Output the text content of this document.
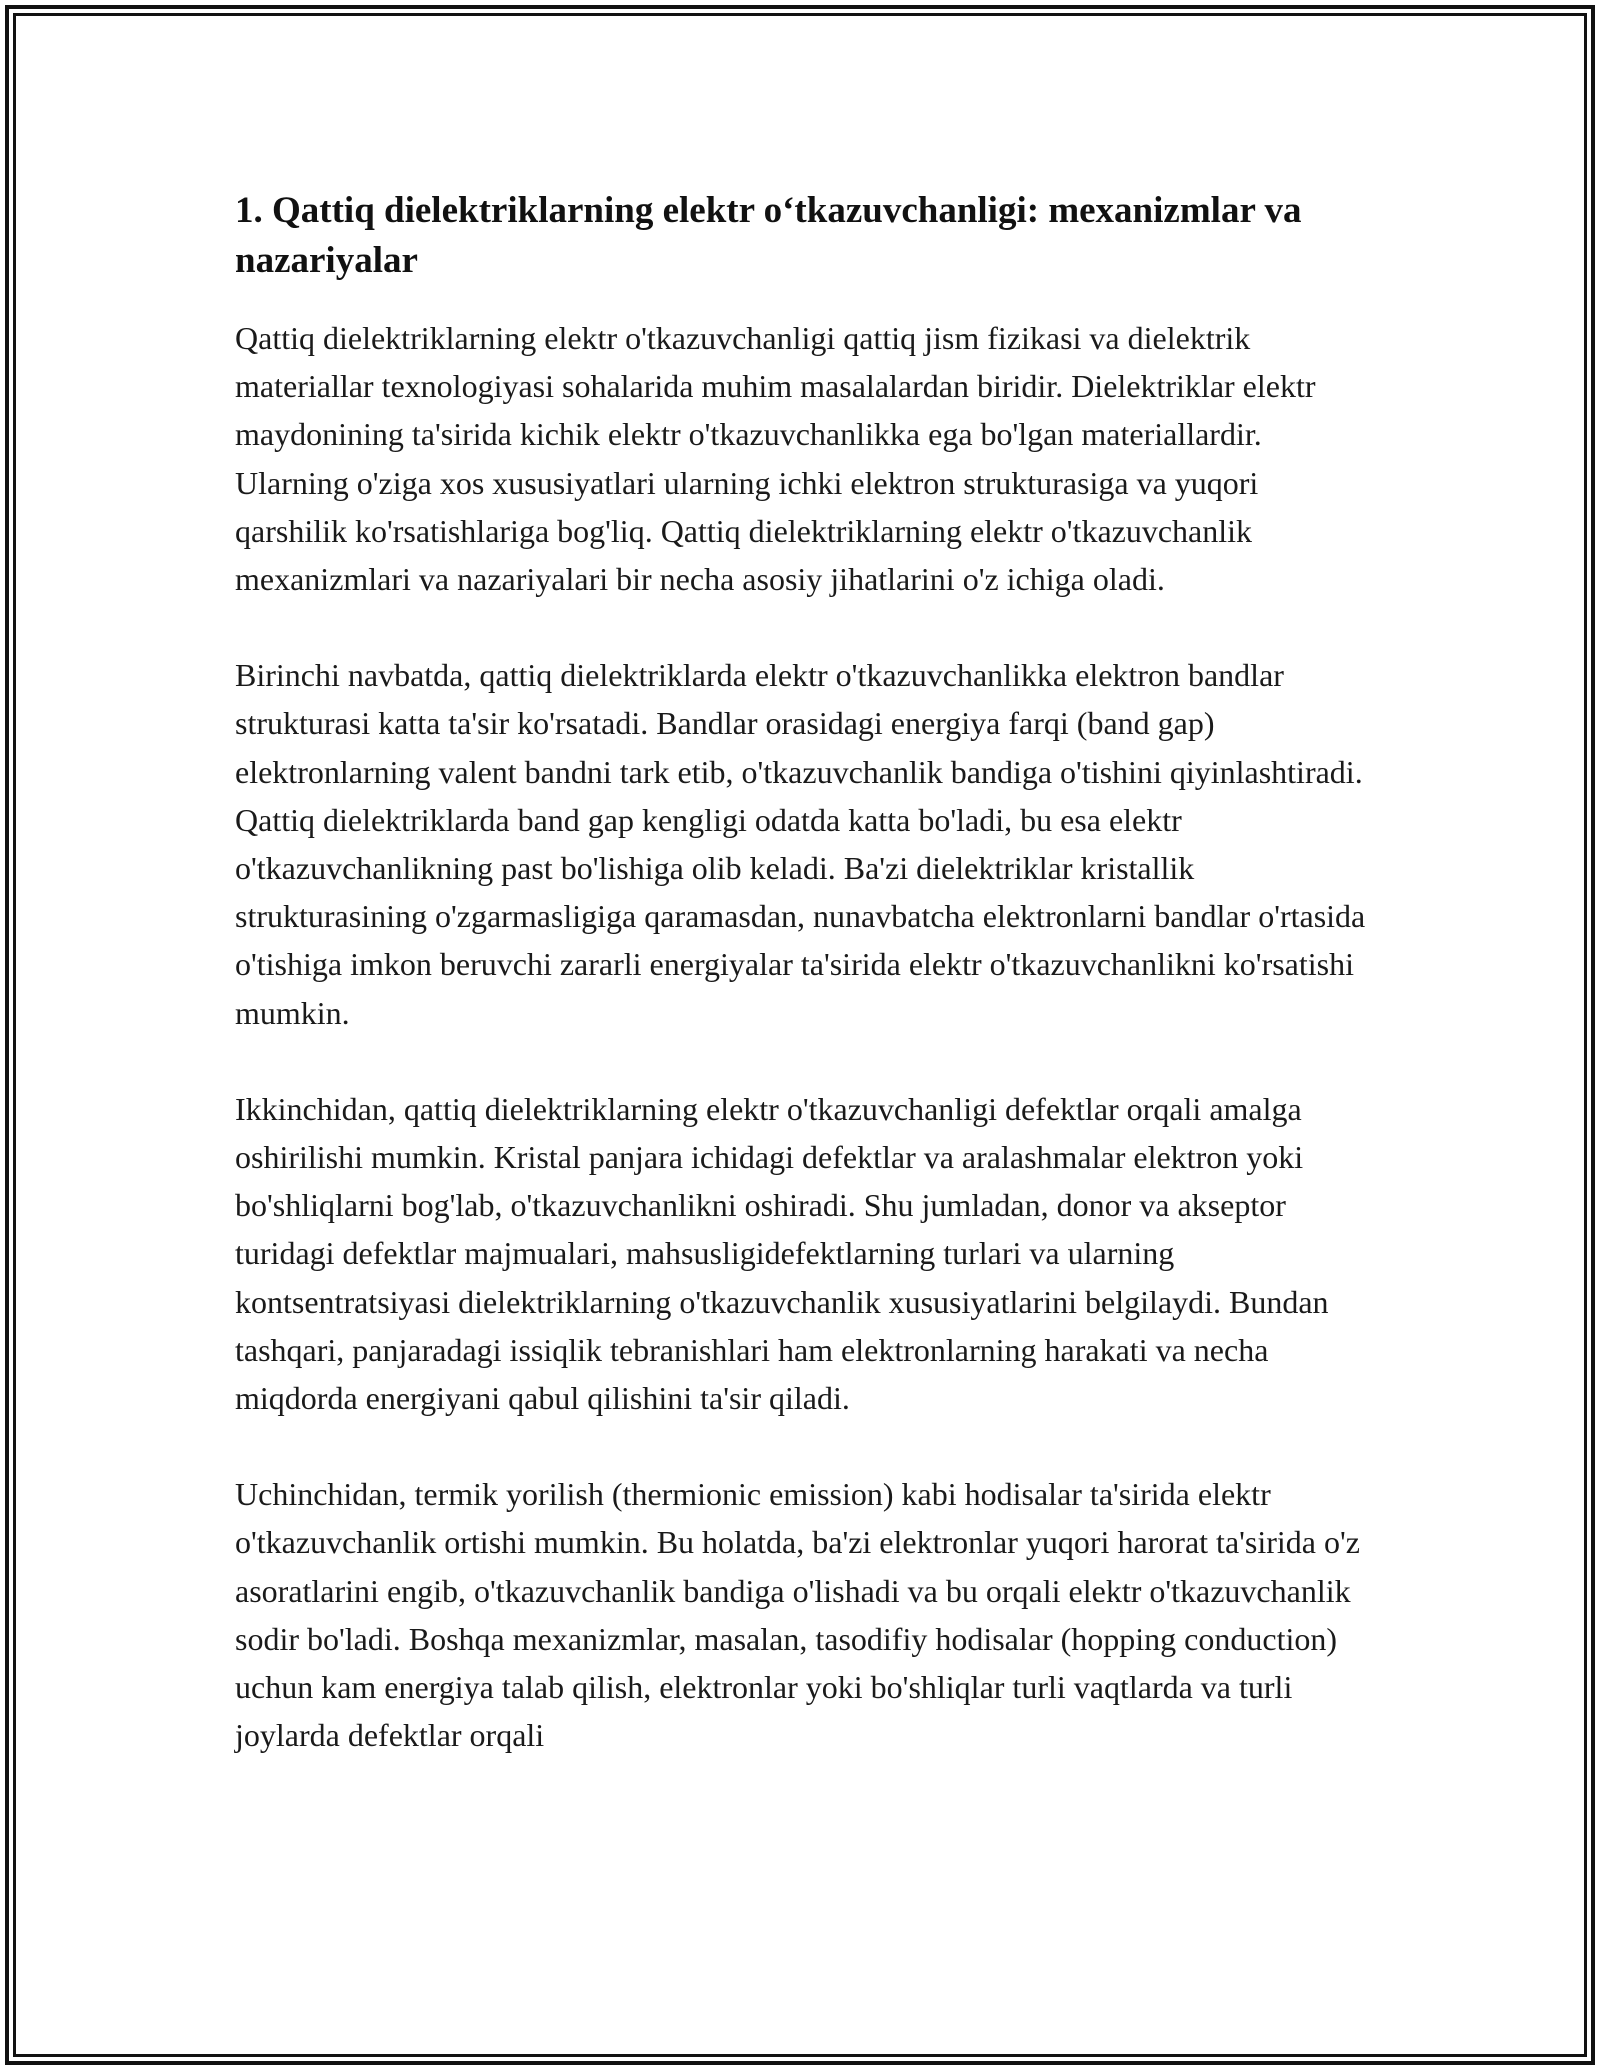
1. Qattiq dielektriklarning elektr o‘tkazuvchanligi: mexanizmlar va nazariyalar

Qattiq dielektriklarning elektr o'tkazuvchanligi qattiq jism fizikasi va dielektrik materiallar texnologiyasi sohalarida muhim masalalardan biridir. Dielektriklar elektr maydonining ta'sirida kichik elektr o'tkazuvchanlikka ega bo'lgan materiallardir. Ularning o'ziga xos xususiyatlari ularning ichki elektron strukturasiga va yuqori qarshilik ko'rsatishlariga bog'liq. Qattiq dielektriklarning elektr o'tkazuvchanlik mexanizmlari va nazariyalari bir necha asosiy jihatlarini o'z ichiga oladi.

Birinchi navbatda, qattiq dielektriklarda elektr o'tkazuvchanlikka elektron bandlar strukturasi katta ta'sir ko'rsatadi. Bandlar orasidagi energiya farqi (band gap) elektronlarning valent bandni tark etib, o'tkazuvchanlik bandiga o'tishini qiyinlashtiradi. Qattiq dielektriklarda band gap kengligi odatda katta bo'ladi, bu esa elektr o'tkazuvchanlikning past bo'lishiga olib keladi. Ba'zi dielektriklar kristallik strukturasining o'zgarmasligiga qaramasdan, nunavbatcha elektronlarni bandlar o'rtasida o'tishiga imkon beruvchi zararli energiyalar ta'sirida elektr o'tkazuvchanlikni ko'rsatishi mumkin.

Ikkinchidan, qattiq dielektriklarning elektr o'tkazuvchanligi defektlar orqali amalga oshirilishi mumkin. Kristal panjara ichidagi defektlar va aralashmalar elektron yoki bo'shliqlarni bog'lab, o'tkazuvchanlikni oshiradi. Shu jumladan, donor va akseptor turidagi defektlar majmualari, mahsusligidefektlarning turlari va ularning kontsentratsiyasi dielektriklarning o'tkazuvchanlik xususiyatlarini belgilaydi. Bundan tashqari, panjaradagi issiqlik tebranishlari ham elektronlarning harakati va necha miqdorda energiyani qabul qilishini ta'sir qiladi.

Uchinchidan, termik yorilish (thermionic emission) kabi hodisalar ta'sirida elektr o'tkazuvchanlik ortishi mumkin. Bu holatda, ba'zi elektronlar yuqori harorat ta'sirida o'z asoratlarini engib, o'tkazuvchanlik bandiga o'lishadi va bu orqali elektr o'tkazuvchanlik sodir bo'ladi. Boshqa mexanizmlar, masalan, tasodifiy hodisalar (hopping conduction) uchun kam energiya talab qilish, elektronlar yoki bo'shliqlar turli vaqtlarda va turli joylarda defektlar orqali
